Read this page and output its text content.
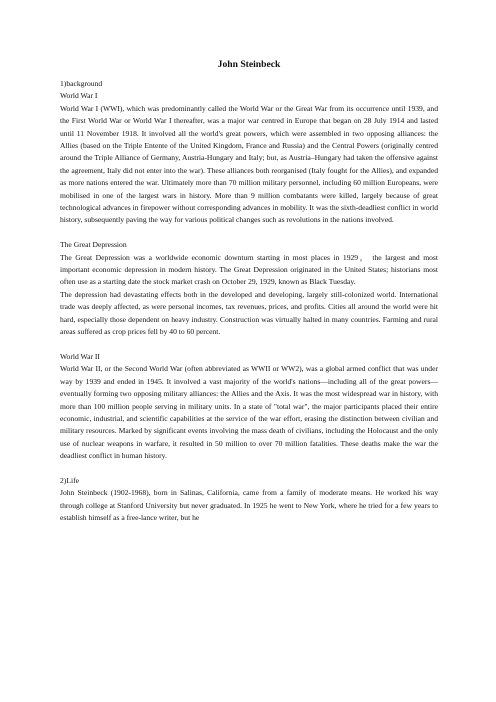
John Steinbeck

1)background

World War I

World War I (WWI), which was predominantly called the World War or the Great War from its occurrence until 1939, and the First World War or World War I thereafter, was a major war centred in Europe that began on 28 July 1914 and lasted until 11 November 1918. It involved all the world's great powers, which were assembled in two opposing alliances: the Allies (based on the Triple Entente of the United Kingdom, France and Russia) and the Central Powers (originally centred around the Triple Alliance of Germany, Austria-Hungary and Italy; but, as Austria–Hungary had taken the offensive against the agreement, Italy did not enter into the war). These alliances both reorganised (Italy fought for the Allies), and expanded as more nations entered the war. Ultimately more than 70 million military personnel, including 60 million Europeans, were mobilised in one of the largest wars in history. More than 9 million combatants were killed, largely because of great technological advances in firepower without corresponding advances in mobility. It was the sixth-deadliest conflict in world history, subsequently paving the way for various political changes such as revolutions in the nations involved.

The Great Depression

The Great Depression was a worldwide economic downturn starting in most places in 1929， the largest and most important economic depression in modern history. The Great Depression originated in the United States; historians most often use as a starting date the stock market crash on October 29, 1929, known as Black Tuesday.

The depression had devastating effects both in the developed and developing, largely still-colonized world. International trade was deeply affected, as were personal incomes, tax revenues, prices, and profits. Cities all around the world were hit hard, especially those dependent on heavy industry. Construction was virtually halted in many countries. Farming and rural areas suffered as crop prices fell by 40 to 60 percent.

World War II

World War II, or the Second World War (often abbreviated as WWII or WW2), was a global armed conflict that was under way by 1939 and ended in 1945. It involved a vast majority of the world's nations—including all of the great powers—eventually forming two opposing military alliances: the Allies and the Axis. It was the most widespread war in history, with more than 100 million people serving in military units. In a state of "total war", the major participants placed their entire economic, industrial, and scientific capabilities at the service of the war effort, erasing the distinction between civilian and military resources. Marked by significant events involving the mass death of civilians, including the Holocaust and the only use of nuclear weapons in warfare, it resulted in 50 million to over 70 million fatalities. These deaths make the war the deadliest conflict in human history.

2)Life

John Steinbeck (1902-1968), born in Salinas, California, came from a family of moderate means. He worked his way through college at Stanford University but never graduated. In 1925 he went to New York, where he tried for a few years to establish himself as a free-lance writer, but he
